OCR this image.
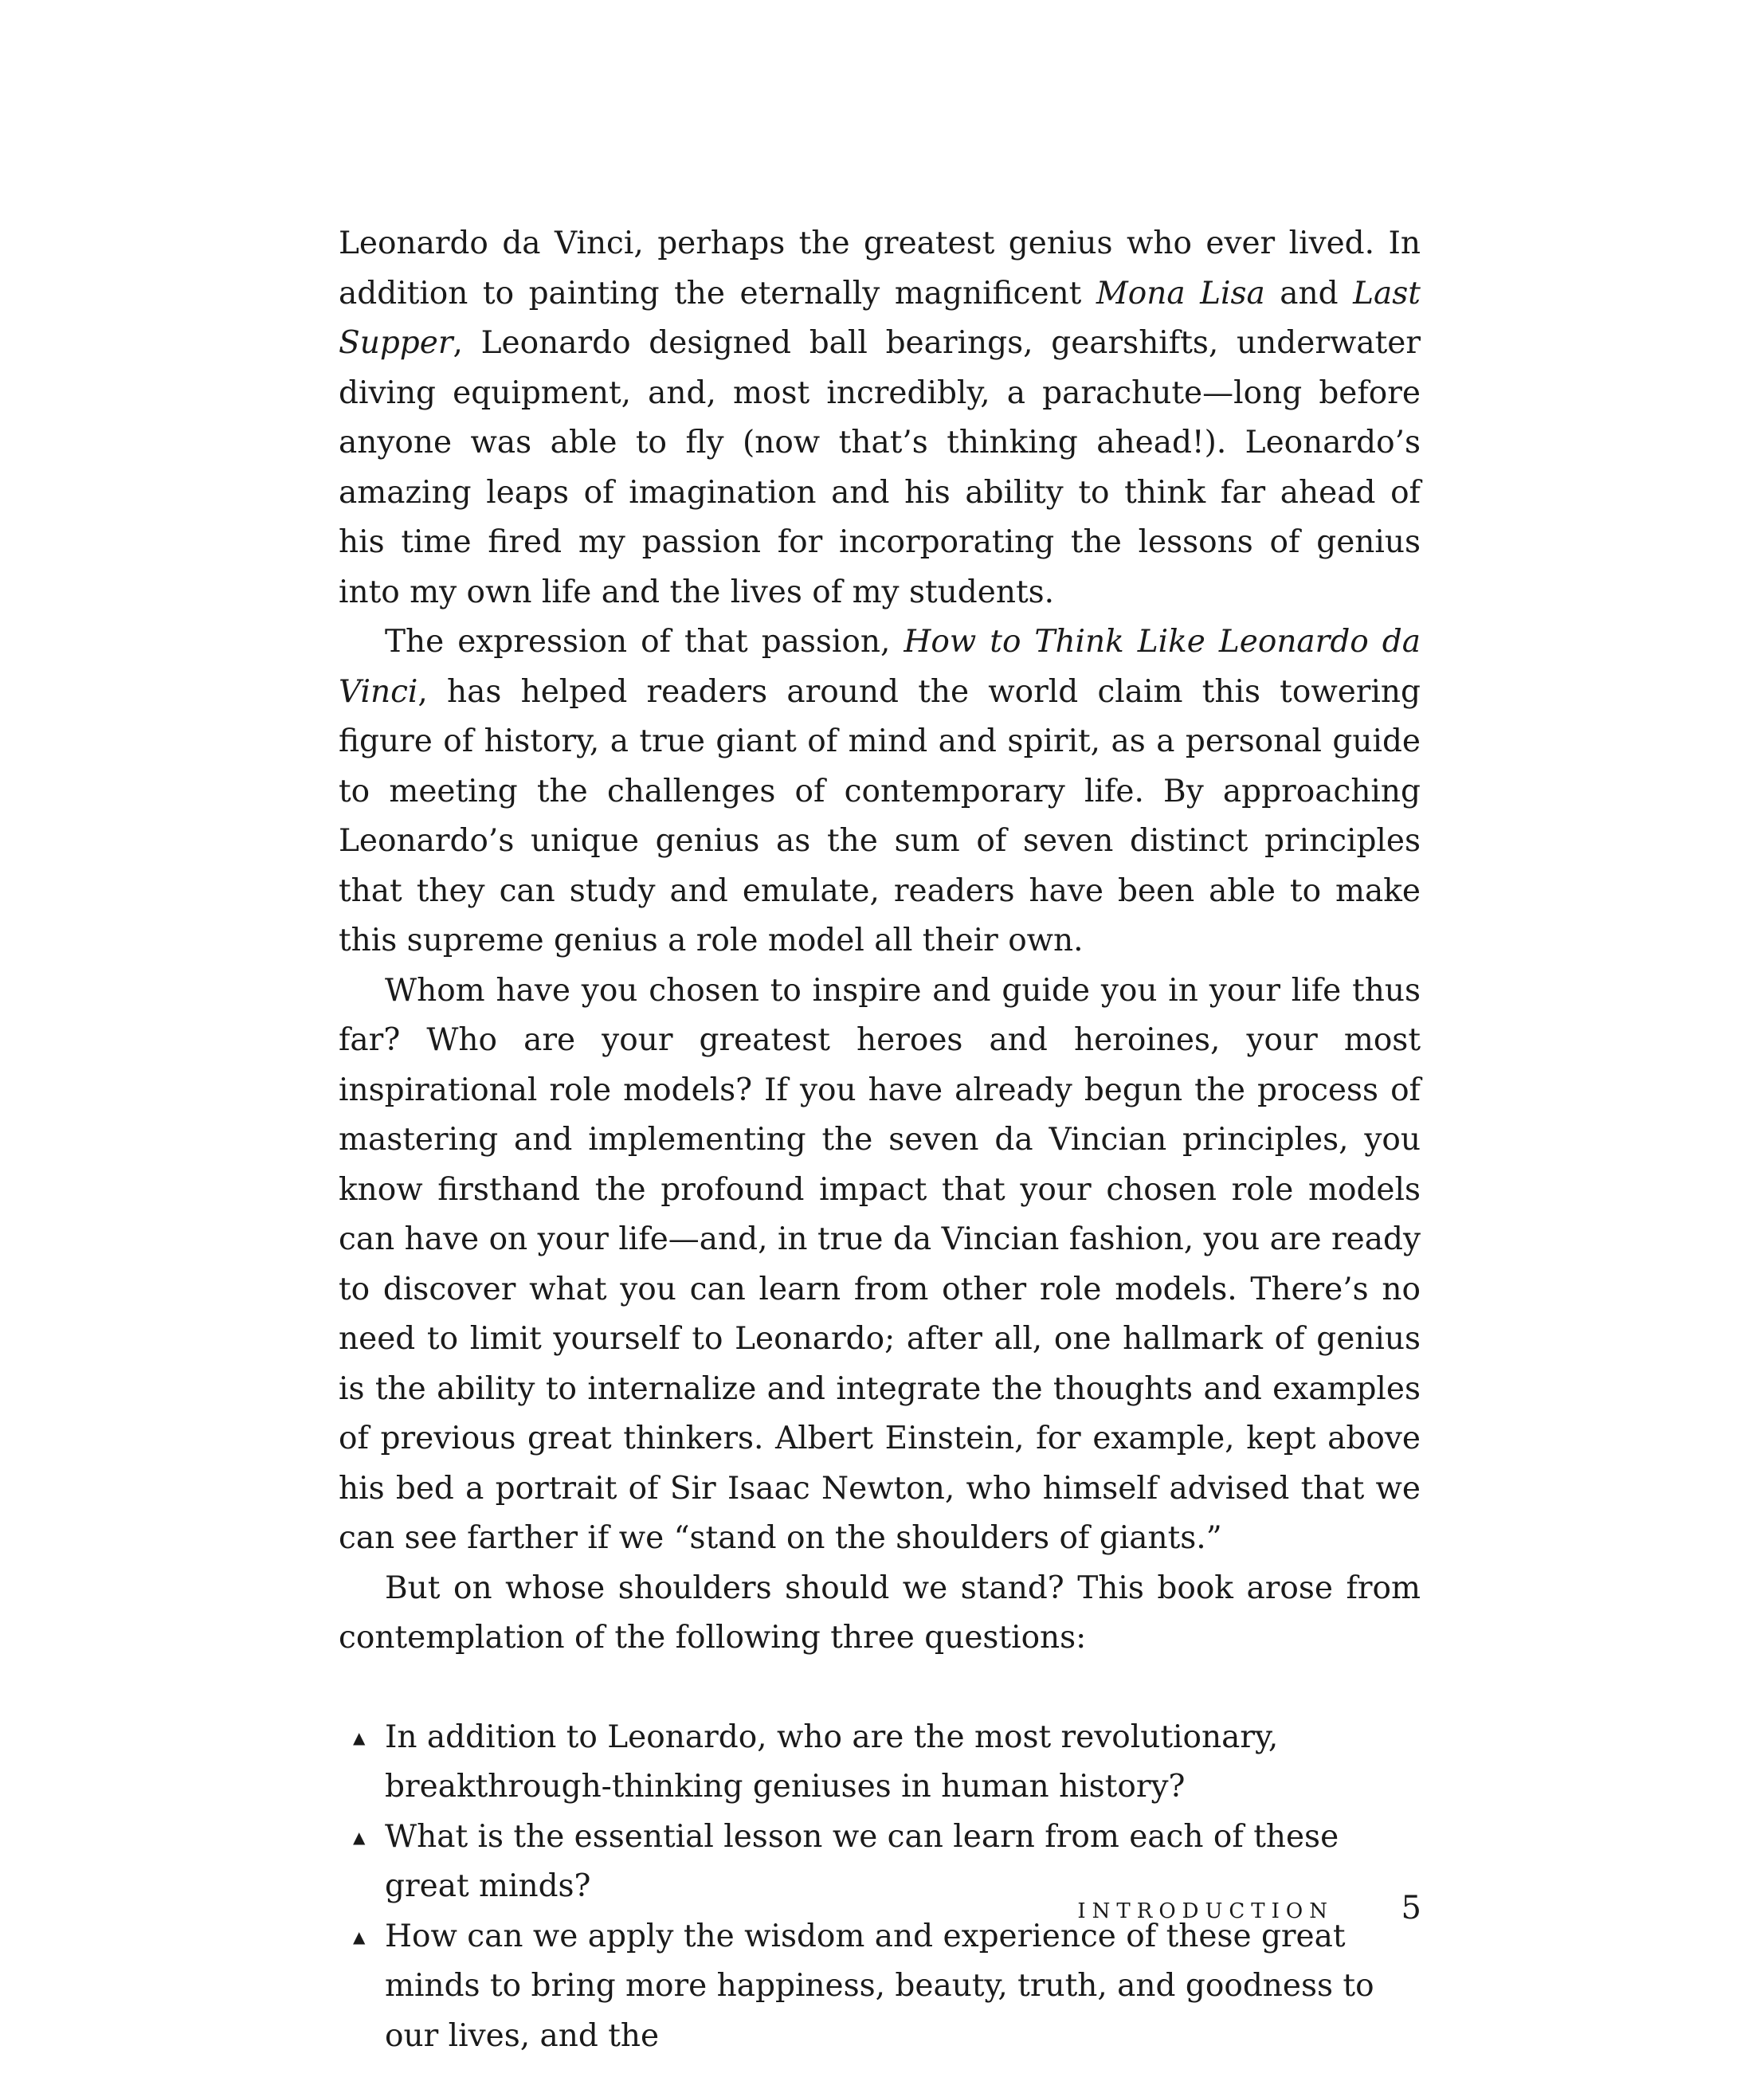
Leonardo da Vinci, perhaps the greatest genius who ever lived. In addition to painting the eternally magnificent Mona Lisa and Last Supper, Leonardo designed ball bearings, gearshifts, underwater diving equipment, and, most incredibly, a parachute—long before anyone was able to fly (now that’s thinking ahead!). Leonardo’s amazing leaps of imagination and his ability to think far ahead of his time fired my passion for incorporating the lessons of genius into my own life and the lives of my students.

The expression of that passion, How to Think Like Leonardo da Vinci, has helped readers around the world claim this towering figure of history, a true giant of mind and spirit, as a personal guide to meeting the challenges of contemporary life. By approaching Leonardo’s unique genius as the sum of seven distinct principles that they can study and emulate, readers have been able to make this supreme genius a role model all their own.

Whom have you chosen to inspire and guide you in your life thus far? Who are your greatest heroes and heroines, your most inspirational role models? If you have already begun the process of mastering and implementing the seven da Vincian principles, you know firsthand the profound impact that your chosen role models can have on your life—and, in true da Vincian fashion, you are ready to discover what you can learn from other role models. There’s no need to limit yourself to Leonardo; after all, one hallmark of genius is the ability to internalize and integrate the thoughts and examples of previous great thinkers. Albert Einstein, for example, kept above his bed a portrait of Sir Isaac Newton, who himself advised that we can see farther if we “stand on the shoulders of giants.”

But on whose shoulders should we stand? This book arose from contemplation of the following three questions:

▲ In addition to Leonardo, who are the most revolutionary, breakthrough-thinking geniuses in human history?
▲ What is the essential lesson we can learn from each of these great minds?
▲ How can we apply the wisdom and experience of these great minds to bring more happiness, beauty, truth, and goodness to our lives, and the
INTRODUCTION 5
